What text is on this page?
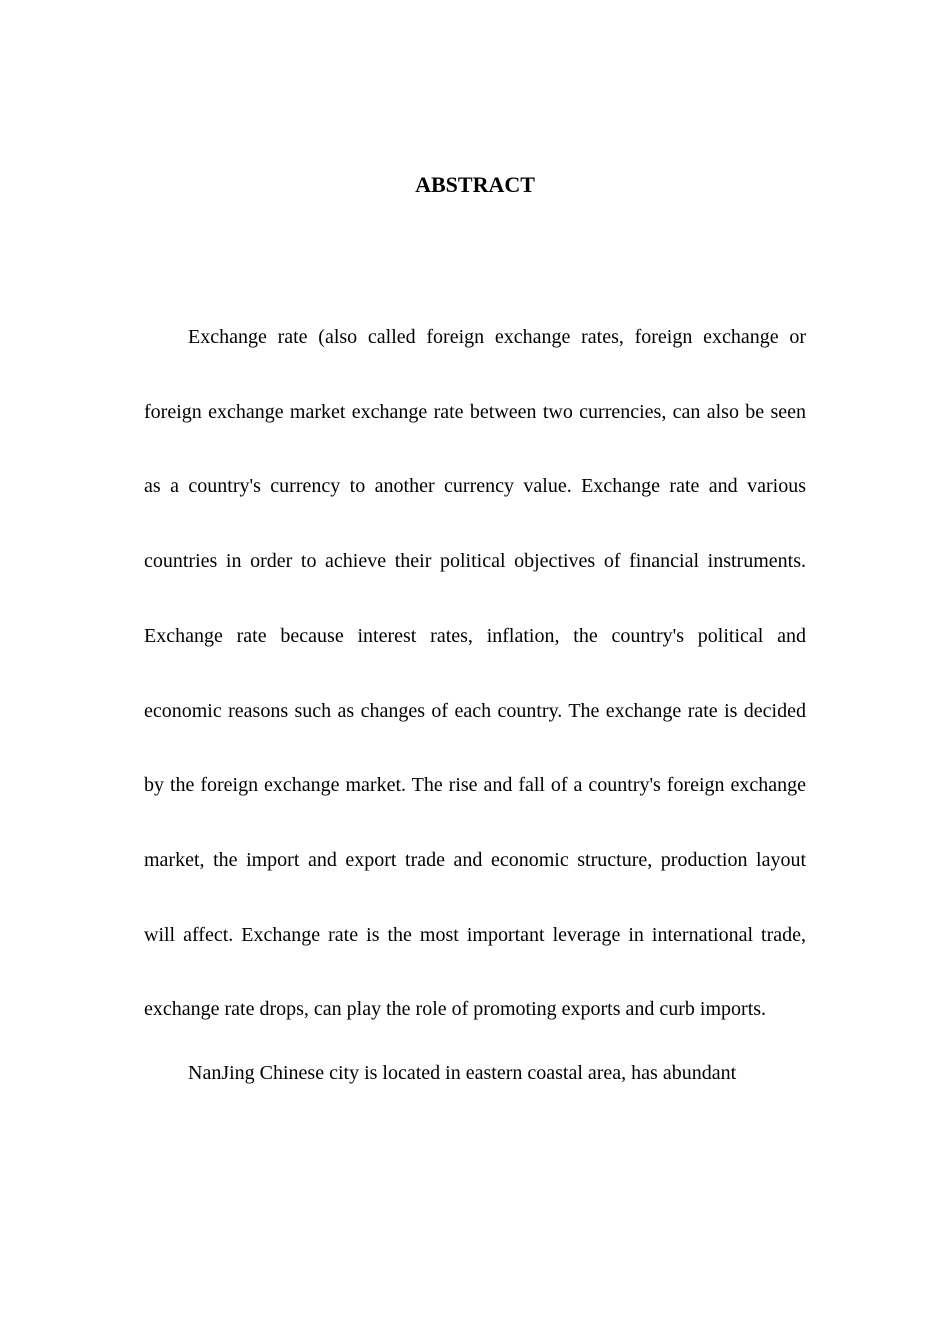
ABSTRACT

Exchange rate (also called foreign exchange rates, foreign exchange or foreign exchange market exchange rate between two currencies, can also be seen as a country's currency to another currency value. Exchange rate and various countries in order to achieve their political objectives of financial instruments. Exchange rate because interest rates, inflation, the country's political and economic reasons such as changes of each country. The exchange rate is decided by the foreign exchange market. The rise and fall of a country's foreign exchange market, the import and export trade and economic structure, production layout will affect. Exchange rate is the most important leverage in international trade, exchange rate drops, can play the role of promoting exports and curb imports.

NanJing Chinese city is located in eastern coastal area, has abundant
